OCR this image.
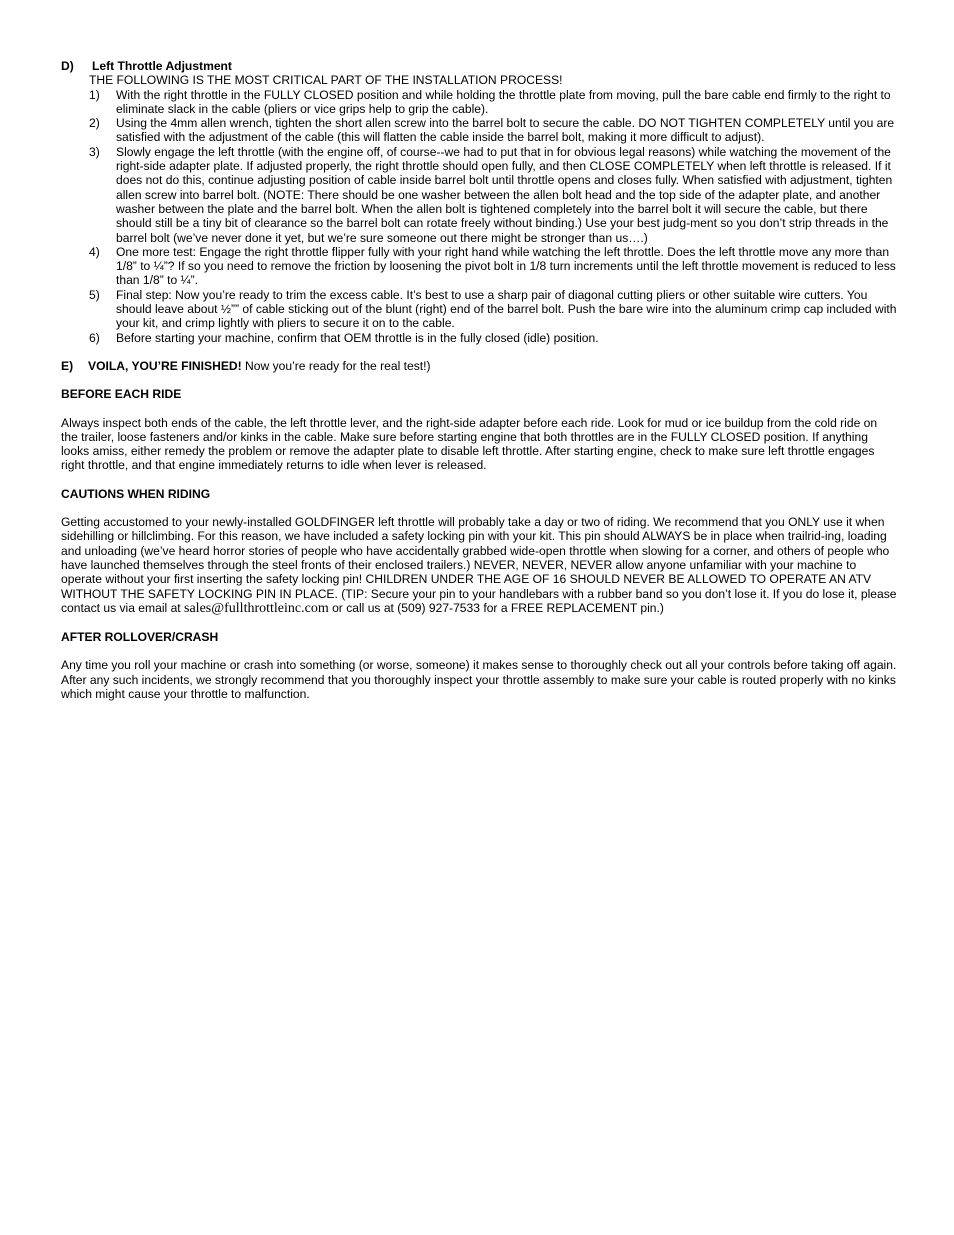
D) Left Throttle Adjustment
THE FOLLOWING IS THE MOST CRITICAL PART OF THE INSTALLATION PROCESS!
1)	With the right throttle in the FULLY CLOSED position and while holding the throttle plate from moving, pull the bare cable end firmly to the right to eliminate slack in the cable (pliers or vice grips help to grip the cable).
2)	Using the 4mm allen wrench, tighten the short allen screw into the barrel bolt to secure the cable. DO NOT TIGHTEN COMPLETELY until you are satisfied with the adjustment of the cable (this will flatten the cable inside the barrel bolt, making it more difficult to adjust).
3)	Slowly engage the left throttle (with the engine off, of course--we had to put that in for obvious legal reasons) while watching the movement of the right-side adapter plate. If adjusted properly, the right throttle should open fully, and then CLOSE COMPLETELY when left throttle is released. If it does not do this, continue adjusting position of cable inside barrel bolt until throttle opens and closes fully. When satisfied with adjustment, tighten allen screw into barrel bolt. (NOTE: There should be one washer between the allen bolt head and the top side of the adapter plate, and another washer between the plate and the barrel bolt. When the allen bolt is tightened completely into the barrel bolt it will secure the cable, but there should still be a tiny bit of clearance so the barrel bolt can rotate freely without binding.) Use your best judg-ment so you don’t strip threads in the barrel bolt (we’ve never done it yet, but we’re sure someone out there might be stronger than us….)
4)	One more test: Engage the right throttle flipper fully with your right hand while watching the left throttle. Does the left throttle move any more than 1/8” to ¼”? If so you need to remove the friction by loosening the pivot bolt in 1/8 turn increments until the left throttle movement is reduced to less than 1/8” to ¼”.
5)	Final step: Now you’re ready to trim the excess cable. It’s best to use a sharp pair of diagonal cutting pliers or other suitable wire cutters. You should leave about ½”” of cable sticking out of the blunt (right) end of the barrel bolt. Push the bare wire into the aluminum crimp cap included with your kit, and crimp lightly with pliers to secure it on to the cable.
6)	Before starting your machine, confirm that OEM throttle is in the fully closed (idle) position.
E) VOILA, YOU’RE FINISHED! Now you’re ready for the real test!)
BEFORE EACH RIDE

Always inspect both ends of the cable, the left throttle lever, and the right-side adapter before each ride. Look for mud or ice buildup from the cold ride on the trailer, loose fasteners and/or kinks in the cable. Make sure before starting engine that both throttles are in the FULLY CLOSED position. If anything looks amiss, either remedy the problem or remove the adapter plate to disable left throttle. After starting engine, check to make sure left throttle engages right throttle, and that engine immediately returns to idle when lever is released.

CAUTIONS WHEN RIDING

Getting accustomed to your newly-installed GOLDFINGER left throttle will probably take a day or two of riding. We recommend that you ONLY use it when sidehilling or hillclimbing. For this reason, we have included a safety locking pin with your kit. This pin should ALWAYS be in place when trailrid-ing, loading and unloading (we’ve heard horror stories of people who have accidentally grabbed wide-open throttle when slowing for a corner, and others of people who have launched themselves through the steel fronts of their enclosed trailers.) NEVER, NEVER, NEVER allow anyone unfamiliar with your machine to operate without your first inserting the safety locking pin! CHILDREN UNDER THE AGE OF 16 SHOULD NEVER BE ALLOWED TO OPERATE AN ATV WITHOUT THE SAFETY LOCKING PIN IN PLACE. (TIP: Secure your pin to your handlebars with a rubber band so you don’t lose it. If you do lose it, please contact us via email at sales@fullthrottleinc.com or call us at (509) 927-7533 for a FREE REPLACEMENT pin.)

AFTER ROLLOVER/CRASH

Any time you roll your machine or crash into something (or worse, someone) it makes sense to thoroughly check out all your controls before taking off again. After any such incidents, we strongly recommend that you thoroughly inspect your throttle assembly to make sure your cable is routed properly with no kinks which might cause your throttle to malfunction.
